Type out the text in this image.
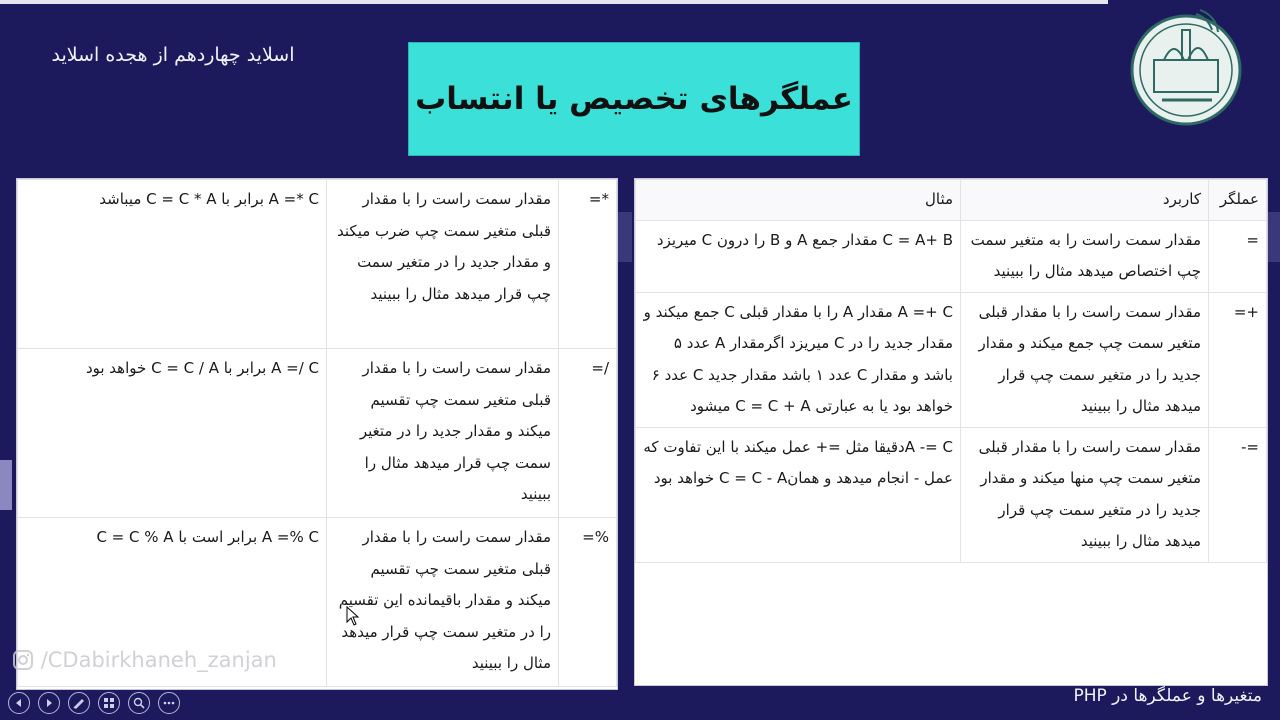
اسلاید چهاردهم از هجده اسلاید
عملگرهای تخصیص یا انتساب
=*	مقدار سمت راست را با مقدار قبلی متغیر سمت چپ ضرب میکند و مقدار جدید را در متغیر سمت چپ قرار میدهد مثال را ببینید	A =* C برابر با C = C * A میباشد
=/	مقدار سمت راست را با مقدار قبلی متغیر سمت چپ تقسیم میکند و مقدار جدید را در متغیر سمت چپ قرار میدهد مثال را ببینید	A =/ C برابر با C = C / A خواهد بود
=%	مقدار سمت راست را با مقدار قبلی متغیر سمت چپ تقسیم میکند و مقدار باقیمانده این تقسیم را در متغیر سمت چپ قرار میدهد مثال را ببینید	A =% C برابر است با C = C % A
عملگر	کاربرد	مثال
=	مقدار سمت راست را به متغیر سمت چپ اختصاص میدهد مثال را ببینید	C = A+ B مقدار جمع A و B را درون C میریزد
=+	مقدار سمت راست را با مقدار قبلی متغیر سمت چپ جمع میکند و مقدار جدید را در متغیر سمت چپ قرار میدهد مثال را ببینید	A =+ C مقدار A را با مقدار قبلی C جمع میکند و مقدار جدید را در C میریزد اگرمقدار A عدد ۵ باشد و مقدار C عدد ۱ باشد مقدار جدید C عدد ۶ خواهد بود یا به عبارتی C = C + A میشود
-=	مقدار سمت راست را با مقدار قبلی متغیر سمت چپ منها میکند و مقدار جدید را در متغیر سمت چپ قرار میدهد مثال را ببینید	A -= Cدقیقا مثل =+ عمل میکند با این تفاوت که عمل - انجام میدهد و همانC = C - A خواهد بود
/CDabirkhaneh_zanjan
متغیرها و عملگرها در PHP
